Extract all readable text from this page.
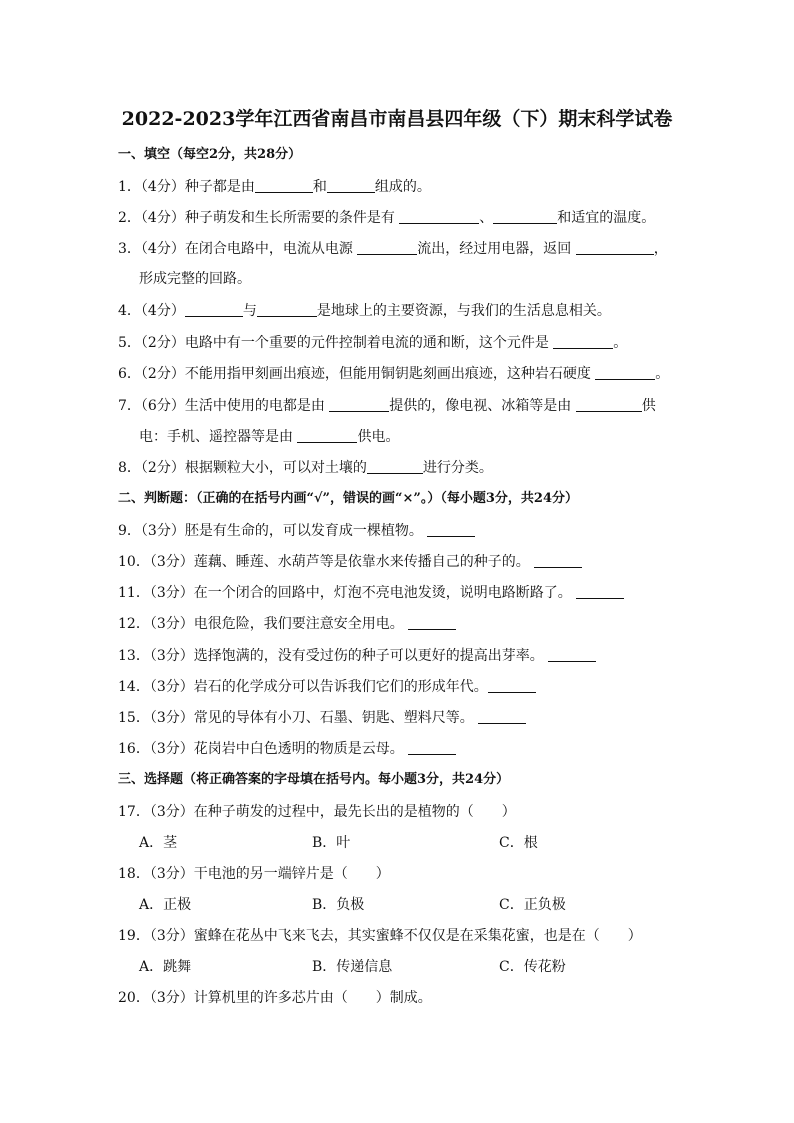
2022-2023学年江西省南昌市南昌县四年级（下）期末科学试卷
一、填空（每空2分，共28分）
1．（4分）种子都是由	和	组成的。
2．（4分）种子萌发和生长所需要的条件是有	、	和适宜的温度。
3．（4分）在闭合电路中，电流从电源	流出，经过用电器，返回	，
形成完整的回路。
4．（4分）	与	是地球上的主要资源，与我们的生活息息相关。
5．（2分）电路中有一个重要的元件控制着电流的通和断，这个元件是	。
6．（2分）不能用指甲刻画出痕迹，但能用铜钥匙刻画出痕迹，这种岩石硬度	。
7．（6分）生活中使用的电都是由	提供的，像电视、冰箱等是由	供
电：手机、遥控器等是由	供电。
8．（2分）根据颗粒大小，可以对土壤的	进行分类。
二、判断题：（正确的在括号内画“√”，错误的画“×”。）（每小题3分，共24分）
9．（3分）胚是有生命的，可以发育成一棵植物。
10．（3分）莲藕、睡莲、水葫芦等是依靠水来传播自己的种子的。
11．（3分）在一个闭合的回路中，灯泡不亮电池发烫，说明电路断路了。
12．（3分）电很危险，我们要注意安全用电。
13．（3分）选择饱满的，没有受过伤的种子可以更好的提高出芽率。
14．（3分）岩石的化学成分可以告诉我们它们的形成年代。
15．（3分）常见的导体有小刀、石墨、钥匙、塑料尺等。
16．（3分）花岗岩中白色透明的物质是云母。
三、选择题（将正确答案的字母填在括号内。每小题3分，共24分）
17．（3分）在种子萌发的过程中，最先长出的是植物的（　　）
A．茎	B．叶	C．根
18．（3分）干电池的另一端锌片是（　　）
A．正极	B．负极	C．正负极
19．（3分）蜜蜂在花丛中飞来飞去，其实蜜蜂不仅仅是在采集花蜜，也是在（　　）
A．跳舞	B．传递信息	C．传花粉
20．（3分）计算机里的许多芯片由（　　）制成。
